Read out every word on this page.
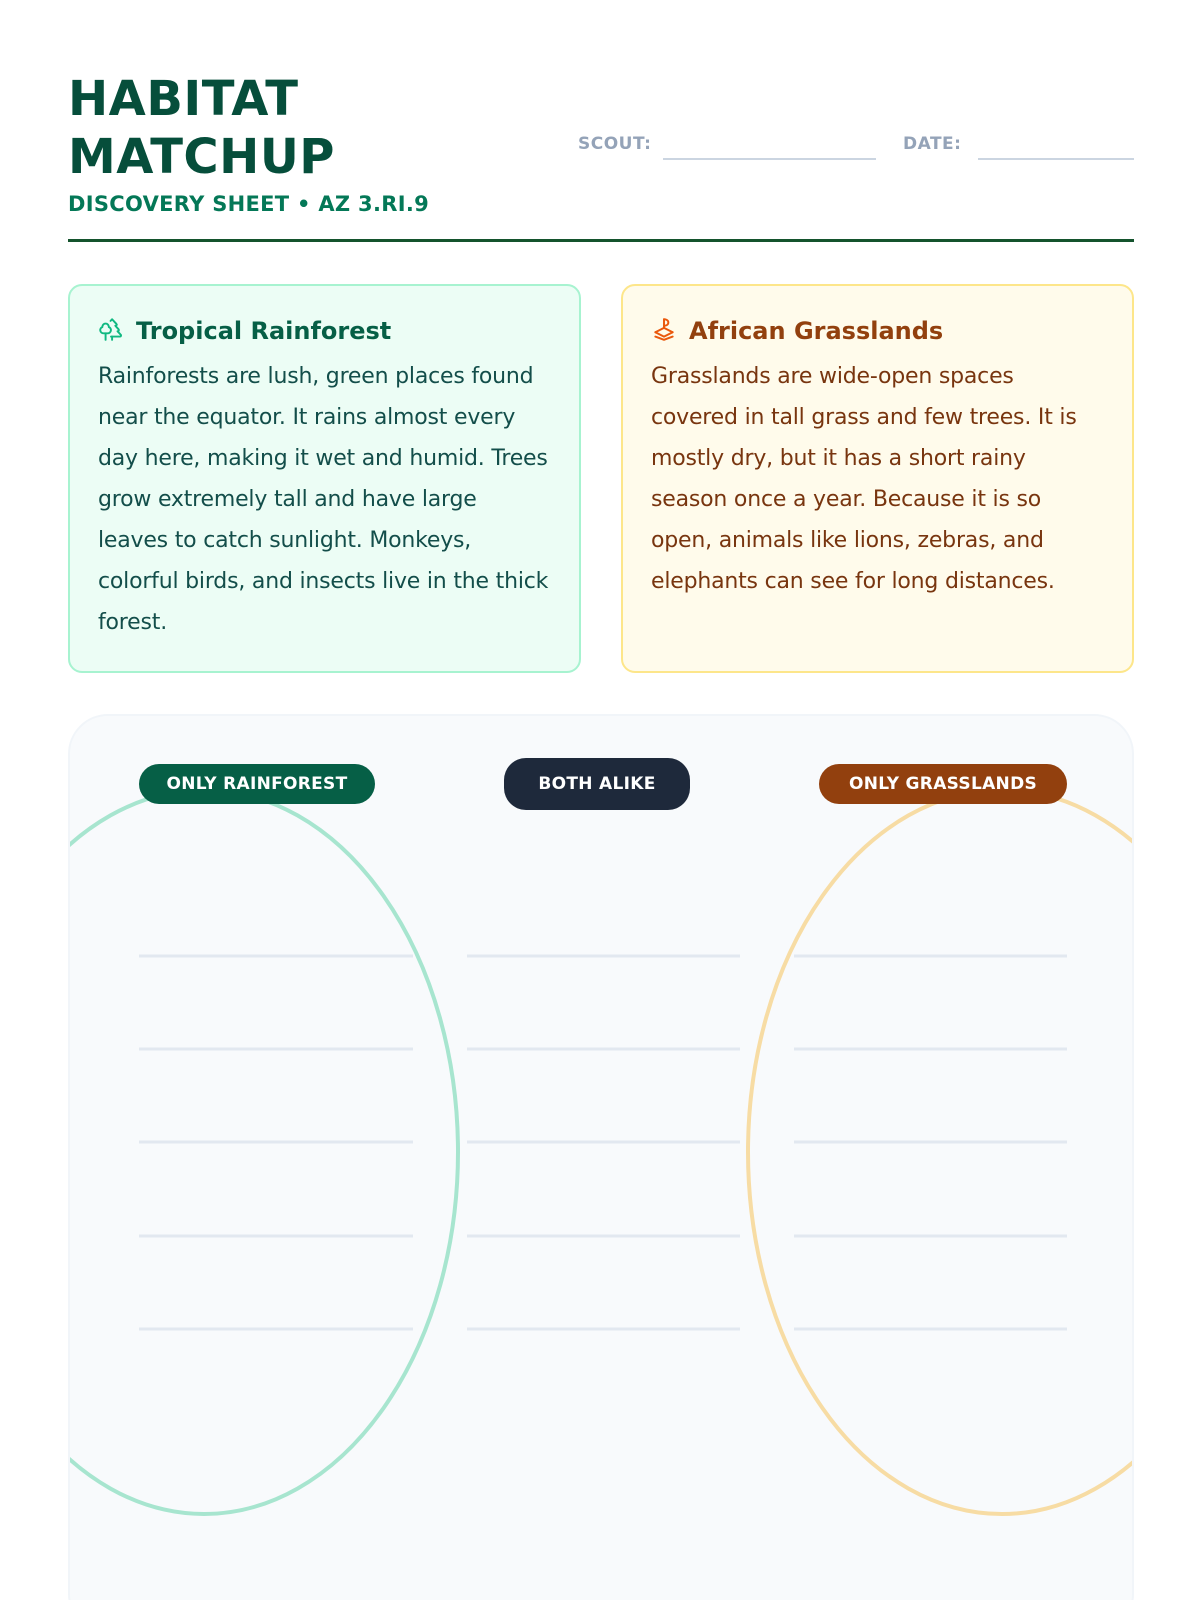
HABITAT MATCHUP
DISCOVERY SHEET • AZ 3.RI.9
SCOUT:	DATE:
Tropical Rainforest

Rainforests are lush, green places found near the equator. It rains almost every day here, making it wet and humid. Trees grow extremely tall and have large leaves to catch sunlight. Monkeys, colorful birds, and insects live in the thick forest.

African Grasslands

Grasslands are wide-open spaces covered in tall grass and few trees. It is mostly dry, but it has a short rainy season once a year. Because it is so open, animals like lions, zebras, and elephants can see for long distances.

ONLY RAINFOREST	BOTH ALIKE	ONLY GRASSLANDS
